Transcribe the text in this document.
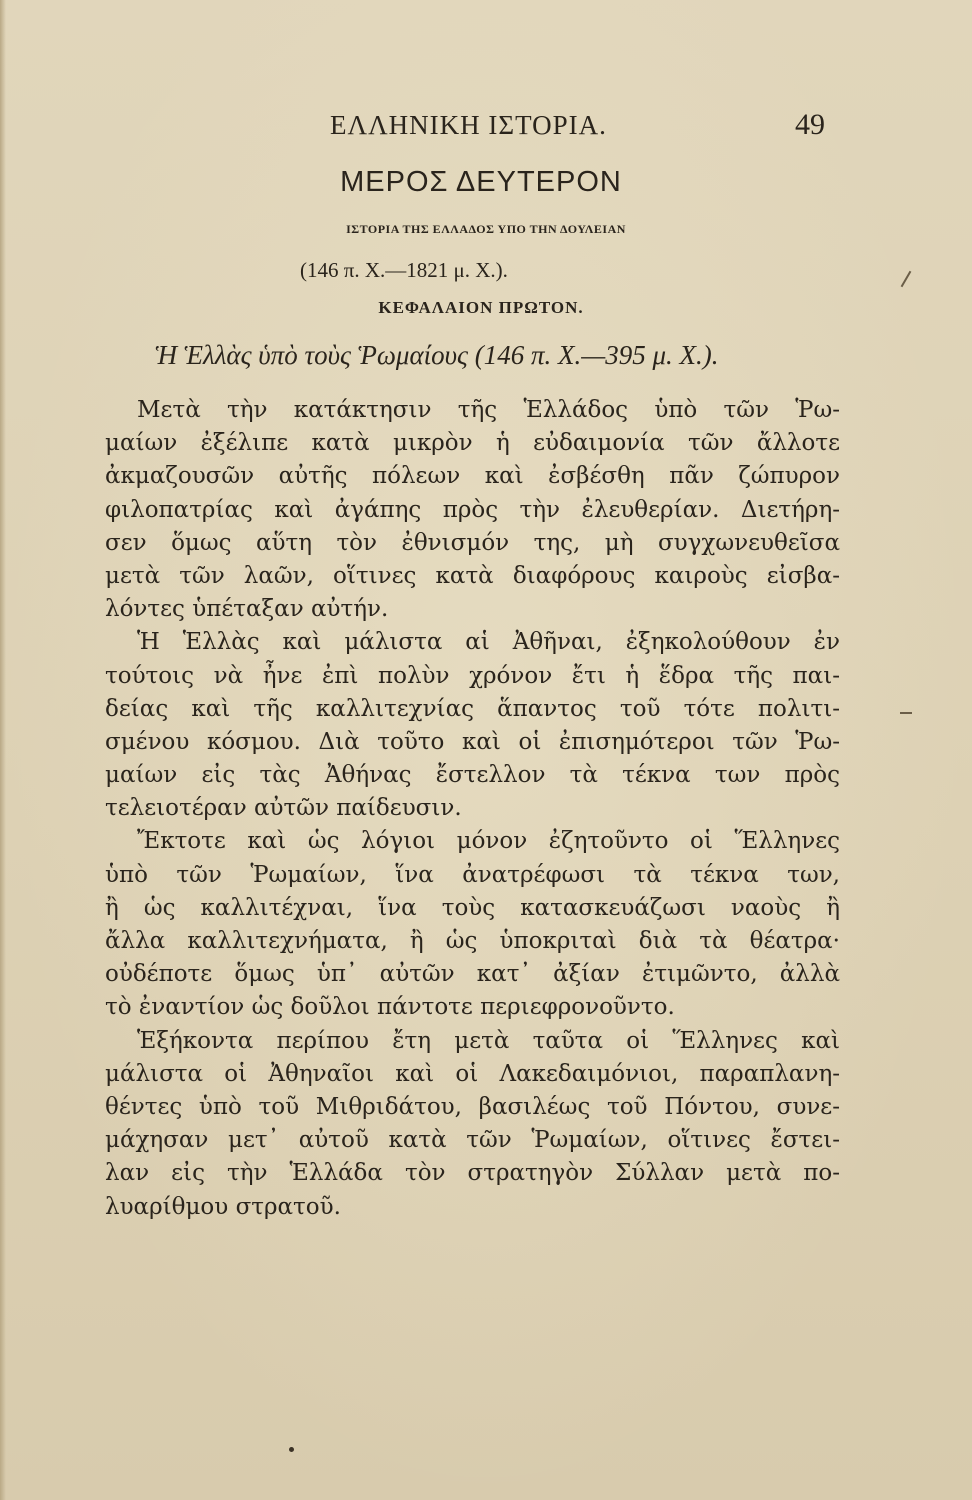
ΕΛΛΗΝΙΚΗ ΙΣΤΟΡΙΑ.	49
ΜΕΡΟΣ ΔΕΥΤΕΡΟΝ
ΙΣΤΟΡΙΑ ΤΗΣ ΕΛΛΑΔΟΣ ΥΠΟ ΤΗΝ ΔΟΥΛΕΙΑΝ
(146 π. Χ.—1821 μ. Χ.).
ΚΕΦΑΛΑΙΟΝ ΠΡΩΤΟΝ.
Ἡ Ἑλλὰς ὑπὸ τοὺς Ῥωμαίους (146 π. Χ.—395 μ. Χ.).
Μετὰ τὴν κατάκτησιν τῆς Ἑλλάδος ὑπὸ τῶν Ῥω-
μαίων ἐξέλιπε κατὰ μικρὸν ἡ εὐδαιμονία τῶν ἄλλοτε
ἀκμαζουσῶν αὐτῆς πόλεων καὶ ἐσβέσθη πᾶν ζώπυρον
φιλοπατρίας καὶ ἀγάπης πρὸς τὴν ἐλευθερίαν. Διετήρη-
σεν ὅμως αὕτη τὸν ἐθνισμόν της, μὴ συγχωνευθεῖσα
μετὰ τῶν λαῶν, οἵτινες κατὰ διαφόρους καιροὺς εἰσβα-
λόντες ὑπέταξαν αὐτήν.
Ἡ Ἑλλὰς καὶ μάλιστα αἱ Ἀθῆναι, ἐξηκολούθουν ἐν
τούτοις νὰ ἦνε ἐπὶ πολὺν χρόνον ἔτι ἡ ἕδρα τῆς παι-
δείας καὶ τῆς καλλιτεχνίας ἅπαντος τοῦ τότε πολιτι-
σμένου κόσμου. Διὰ τοῦτο καὶ οἱ ἐπισημότεροι τῶν Ῥω-
μαίων εἰς τὰς Ἀθήνας ἔστελλον τὰ τέκνα των πρὸς
τελειοτέραν αὐτῶν παίδευσιν.
Ἔκτοτε καὶ ὡς λόγιοι μόνον ἐζητοῦντο οἱ Ἕλληνες
ὑπὸ τῶν Ῥωμαίων, ἵνα ἀνατρέφωσι τὰ τέκνα των,
ἢ ὡς καλλιτέχναι, ἵνα τοὺς κατασκευάζωσι ναοὺς ἢ
ἄλλα καλλιτεχνήματα, ἢ ὡς ὑποκριταὶ διὰ τὰ θέατρα·
οὐδέποτε ὅμως ὑπ᾽ αὐτῶν κατ᾽ ἀξίαν ἐτιμῶντο, ἀλλὰ
τὸ ἐναντίον ὡς δοῦλοι πάντοτε περιεφρονοῦντο.
Ἑξήκοντα περίπου ἔτη μετὰ ταῦτα οἱ Ἕλληνες καὶ
μάλιστα οἱ Ἀθηναῖοι καὶ οἱ Λακεδαιμόνιοι, παραπλανη-
θέντες ὑπὸ τοῦ Μιθριδάτου, βασιλέως τοῦ Πόντου, συνε-
μάχησαν μετ᾽ αὐτοῦ κατὰ τῶν Ῥωμαίων, οἵτινες ἔστει-
λαν εἰς τὴν Ἑλλάδα τὸν στρατηγὸν Σύλλαν μετὰ πο-
λυαρίθμου στρατοῦ.
